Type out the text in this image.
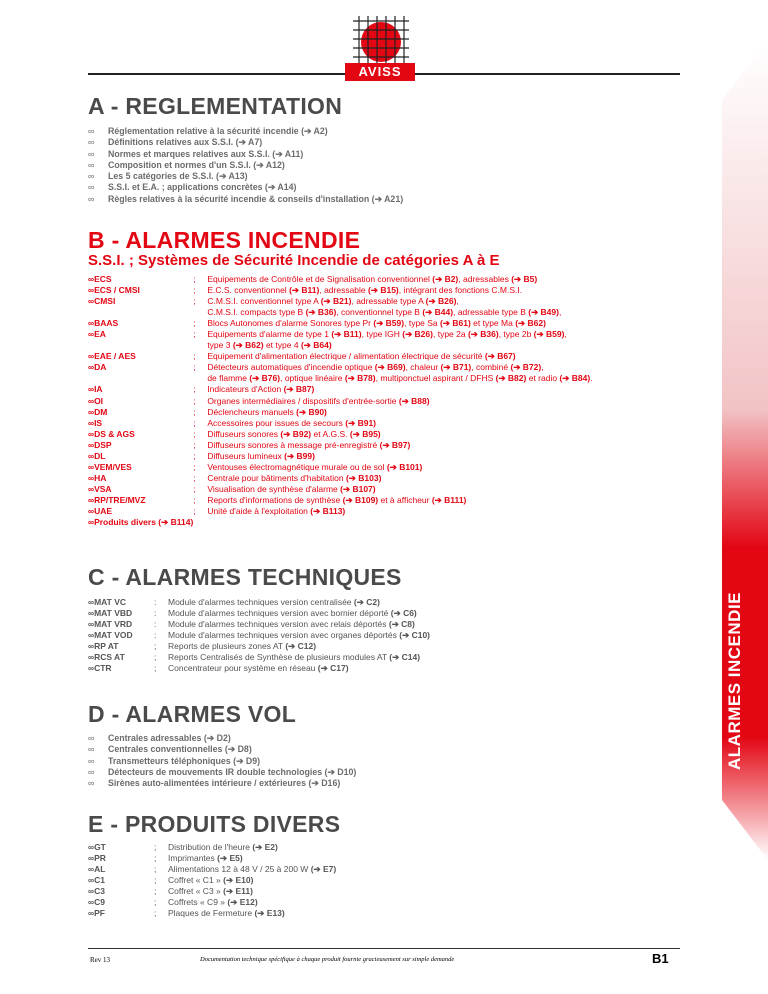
AVISS
A - REGLEMENTATION
∞ Réglementation relative à la sécurité incendie (➔ A2)
∞ Définitions relatives aux S.S.I. (➔ A7)
∞ Normes et marques relatives aux S.S.I. (➔ A11)
∞ Composition et normes d'un S.S.I. (➔ A12)
∞ Les 5 catégories de S.S.I. (➔ A13)
∞ S.S.I. et E.A. ; applications concrètes (➔ A14)
∞ Règles relatives à la sécurité incendie & conseils d'installation (➔ A21)
B - ALARMES INCENDIE
S.S.I. ; Systèmes de Sécurité Incendie de catégories A à E
∞ECS	;	Equipements de Contrôle et de Signalisation conventionnel (➔ B2), adressables (➔ B5)
∞ECS / CMSI	;	E.C.S. conventionnel (➔ B11), adressable (➔ B15), intégrant des fonctions C.M.S.I.
∞CMSI	;	C.M.S.I. conventionnel type A (➔ B21), adressable type A (➔ B26),
		C.M.S.I. compacts type B (➔ B36), conventionnel type B (➔ B44), adressable type B (➔ B49),
∞BAAS	;	Blocs Autonomes d'alarme Sonores type Pr (➔ B59), type Sa (➔ B61) et type Ma (➔ B62)
∞EA	;	Equipements d'alarme de type 1 (➔ B11), type IGH (➔ B26), type 2a (➔ B36), type 2b (➔ B59),
		type 3 (➔ B62) et type 4 (➔ B64)
∞EAE / AES	;	Equipement d'alimentation électrique / alimentation électrique de sécurité (➔ B67)
∞DA	;	Détecteurs automatiques d'incendie optique (➔ B69), chaleur (➔ B71), combiné (➔ B72),
		de flamme (➔ B76), optique linéaire (➔ B78), multiponctuel aspirant / DFHS (➔ B82) et radio (➔ B84).
∞IA	;	Indicateurs d'Action (➔ B87)
∞OI	;	Organes intermédiaires / dispositifs d'entrée-sortie (➔ B88)
∞DM	;	Déclencheurs manuels (➔ B90)
∞IS	;	Accessoires pour issues de secours (➔ B91)
∞DS & AGS	;	Diffuseurs sonores (➔ B92) et A.G.S. (➔ B95)
∞DSP	;	Diffuseurs sonores à message pré-enregistré (➔ B97)
∞DL	;	Diffuseurs lumineux (➔ B99)
∞VEM/VES	;	Ventouses électromagnétique murale ou de sol (➔ B101)
∞HA	;	Centrale pour bâtiments d'habitation (➔ B103)
∞VSA	;	Visualisation de synthèse d'alarme (➔ B107)
∞RP/TRE/MVZ	;	Reports d'informations de synthèse (➔ B109) et à afficheur (➔ B111)
∞UAE	;	Unité d'aide à l'exploitation (➔ B113)
∞Produits divers (➔ B114)		
C - ALARMES TECHNIQUES
∞MAT VC	:	Module d'alarmes techniques version centralisée (➔ C2)
∞MAT VBD	:	Module d'alarmes techniques version avec bornier déporté (➔ C6)
∞MAT VRD	:	Module d'alarmes techniques version avec relais déportés (➔ C8)
∞MAT VOD	:	Module d'alarmes techniques version avec organes déportés (➔ C10)
∞RP AT	;	Reports de plusieurs zones AT (➔ C12)
∞RCS AT	;	Reports Centralisés de Synthèse de plusieurs modules AT (➔ C14)
∞CTR	;	Concentrateur pour système en réseau (➔ C17)
D - ALARMES VOL
∞ Centrales adressables (➔ D2)
∞ Centrales conventionnelles (➔ D8)
∞ Transmetteurs téléphoniques (➔ D9)
∞ Détecteurs de mouvements IR double technologies (➔ D10)
∞ Sirènes auto-alimentées intérieure / extérieures (➔ D16)
E - PRODUITS DIVERS
∞GT	;	Distribution de l'heure (➔ E2)
∞PR	;	Imprimantes (➔ E5)
∞AL	;	Alimentations 12 à 48 V / 25 à 200 W (➔ E7)
∞C1	;	Coffret « C1 » (➔ E10)
∞C3	;	Coffret « C3 » (➔ E11)
∞C9	;	Coffrets « C9 » (➔ E12)
∞PF	;	Plaques de Fermeture (➔ E13)
ALARMES INCENDIE
Rev 13	Documentation technique spécifique à chaque produit fournie gracieusement sur simple demande	B1
